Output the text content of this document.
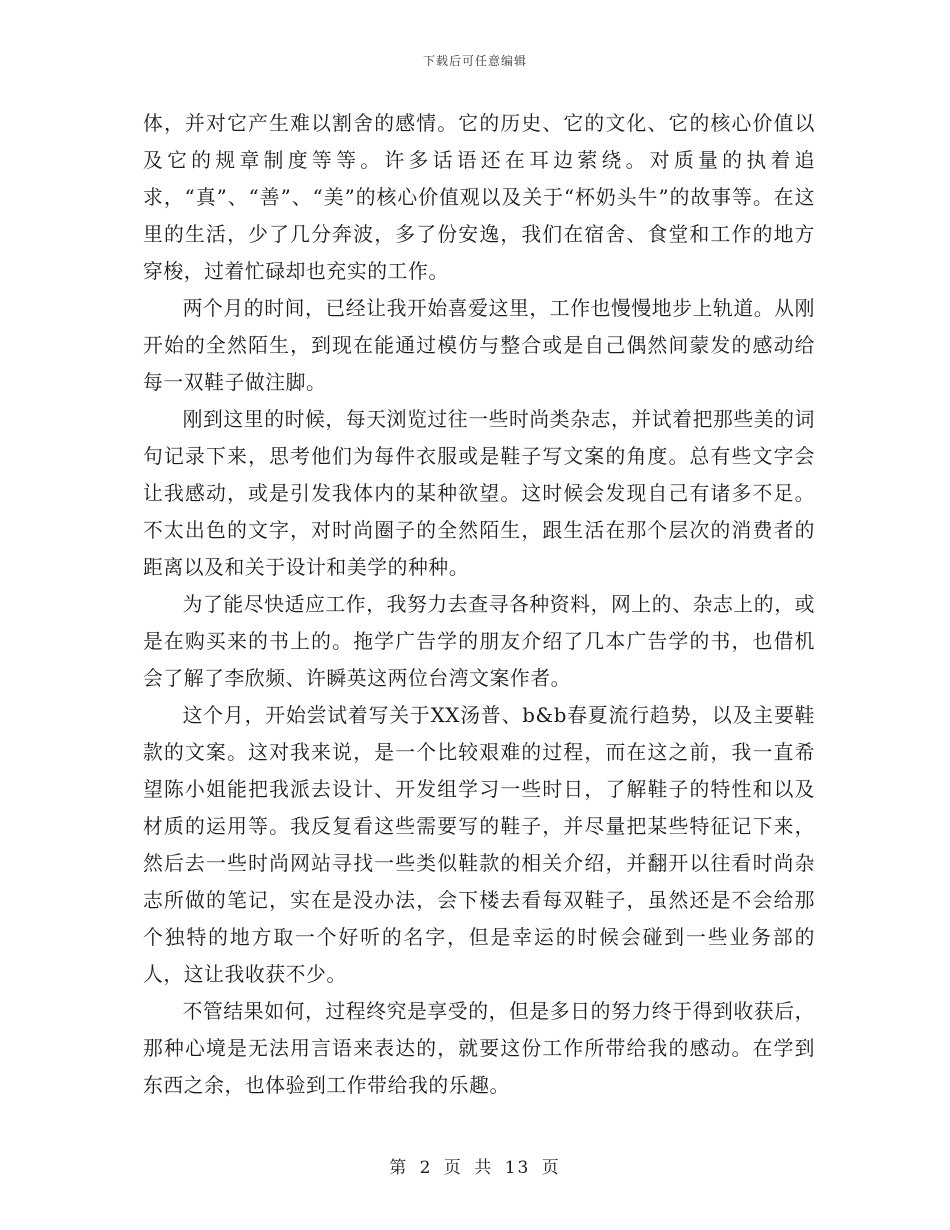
下载后可任意编辑

体，并对它产生难以割舍的感情。它的历史、它的文化、它的核心价值以及它的规章制度等等。许多话语还在耳边萦绕。对质量的执着追求，“真”、“善”、“美”的核心价值观以及关于“杯奶头牛”的故事等。在这里的生活，少了几分奔波，多了份安逸，我们在宿舍、食堂和工作的地方穿梭，过着忙碌却也充实的工作。

两个月的时间，已经让我开始喜爱这里，工作也慢慢地步上轨道。从刚开始的全然陌生，到现在能通过模仿与整合或是自己偶然间蒙发的感动给每一双鞋子做注脚。

刚到这里的时候，每天浏览过往一些时尚类杂志，并试着把那些美的词句记录下来，思考他们为每件衣服或是鞋子写文案的角度。总有些文字会让我感动，或是引发我体内的某种欲望。这时候会发现自己有诸多不足。不太出色的文字，对时尚圈子的全然陌生，跟生活在那个层次的消费者的距离以及和关于设计和美学的种种。

为了能尽快适应工作，我努力去查寻各种资料，网上的、杂志上的，或是在购买来的书上的。拖学广告学的朋友介绍了几本广告学的书，也借机会了解了李欣频、许瞬英这两位台湾文案作者。

这个月，开始尝试着写关于XX汤普、b&b春夏流行趋势，以及主要鞋款的文案。这对我来说，是一个比较艰难的过程，而在这之前，我一直希望陈小姐能把我派去设计、开发组学习一些时日，了解鞋子的特性和以及材质的运用等。我反复看这些需要写的鞋子，并尽量把某些特征记下来，然后去一些时尚网站寻找一些类似鞋款的相关介绍，并翻开以往看时尚杂志所做的笔记，实在是没办法，会下楼去看每双鞋子，虽然还是不会给那个独特的地方取一个好听的名字，但是幸运的时候会碰到一些业务部的人，这让我收获不少。

不管结果如何，过程终究是享受的，但是多日的努力终于得到收获后，那种心境是无法用言语来表达的，就要这份工作所带给我的感动。在学到东西之余，也体验到工作带给我的乐趣。

第 2 页 共 13 页
